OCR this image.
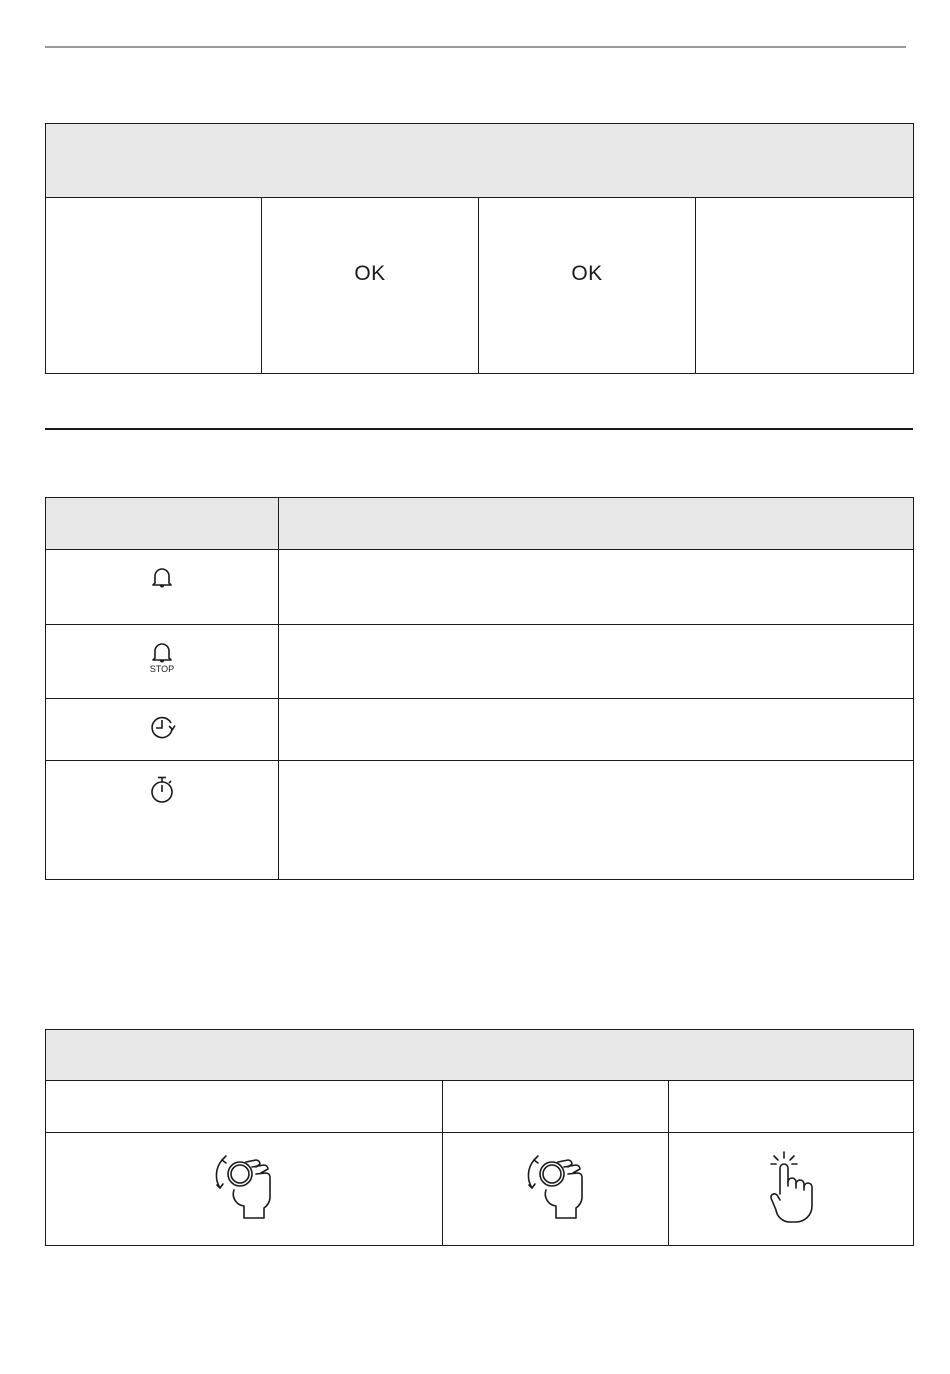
OK	OK

STOP	
